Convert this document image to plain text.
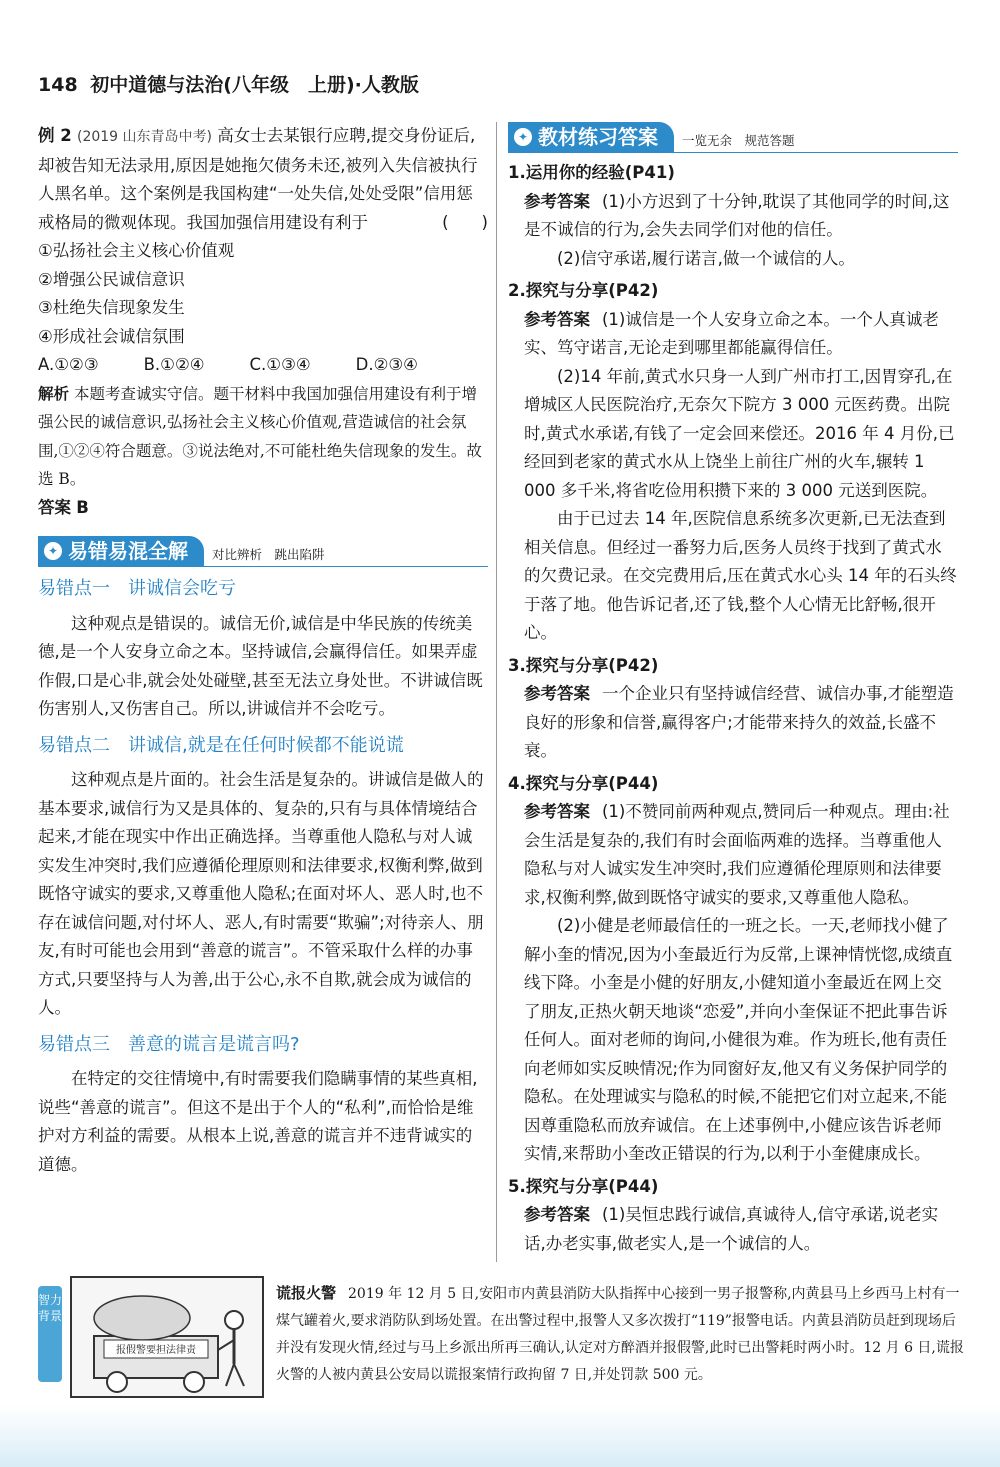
148 初中道德与法治(八年级　上册)·人教版

例 2 (2019 山东青岛中考) 高女士去某银行应聘,提交身份证后,却被告知无法录用,原因是她拖欠债务未还,被列入失信被执行人黑名单。这个案例是我国构建“一处失信,处处受限”信用惩戒格局的微观体现。我国加强信用建设有利于	(　　)

①弘扬社会主义核心价值观

②增强公民诚信意识

③杜绝失信现象发生

④形成社会诚信氛围

A.①②③	B.①②④	C.①③④	D.②③④

解析 本题考查诚实守信。题干材料中我国加强信用建设有利于增强公民的诚信意识,弘扬社会主义核心价值观,营造诚信的社会氛围,①②④符合题意。③说法绝对,不可能杜绝失信现象的发生。故选 B。

答案 B

✦ 易错易混全解	对比辨析　跳出陷阱

易错点一 讲诚信会吃亏

这种观点是错误的。诚信无价,诚信是中华民族的传统美德,是一个人安身立命之本。坚持诚信,会赢得信任。如果弄虚作假,口是心非,就会处处碰壁,甚至无法立身处世。不讲诚信既伤害别人,又伤害自己。所以,讲诚信并不会吃亏。

易错点二 讲诚信,就是在任何时候都不能说谎

这种观点是片面的。社会生活是复杂的。讲诚信是做人的基本要求,诚信行为又是具体的、复杂的,只有与具体情境结合起来,才能在现实中作出正确选择。当尊重他人隐私与对人诚实发生冲突时,我们应遵循伦理原则和法律要求,权衡利弊,做到既恪守诚实的要求,又尊重他人隐私;在面对坏人、恶人时,也不存在诚信问题,对付坏人、恶人,有时需要“欺骗”;对待亲人、朋友,有时可能也会用到“善意的谎言”。不管采取什么样的办事方式,只要坚持与人为善,出于公心,永不自欺,就会成为诚信的人。

易错点三 善意的谎言是谎言吗?

在特定的交往情境中,有时需要我们隐瞒事情的某些真相,说些“善意的谎言”。但这不是出于个人的“私利”,而恰恰是维护对方利益的需要。从根本上说,善意的谎言并不违背诚实的道德。

✦ 教材练习答案	一览无余　规范答题

1.运用你的经验(P41)

参考答案 (1)小方迟到了十分钟,耽误了其他同学的时间,这是不诚信的行为,会失去同学们对他的信任。

(2)信守承诺,履行诺言,做一个诚信的人。

2.探究与分享(P42)

参考答案 (1)诚信是一个人安身立命之本。一个人真诚老实、笃守诺言,无论走到哪里都能赢得信任。

(2)14 年前,黄式水只身一人到广州市打工,因胃穿孔,在增城区人民医院治疗,无奈欠下院方 3 000 元医药费。出院时,黄式水承诺,有钱了一定会回来偿还。2016 年 4 月份,已经回到老家的黄式水从上饶坐上前往广州的火车,辗转 1 000 多千米,将省吃俭用积攒下来的 3 000 元送到医院。

由于已过去 14 年,医院信息系统多次更新,已无法查到相关信息。但经过一番努力后,医务人员终于找到了黄式水的欠费记录。在交完费用后,压在黄式水心头 14 年的石头终于落了地。他告诉记者,还了钱,整个人心情无比舒畅,很开心。

3.探究与分享(P42)

参考答案 一个企业只有坚持诚信经营、诚信办事,才能塑造良好的形象和信誉,赢得客户;才能带来持久的效益,长盛不衰。

4.探究与分享(P44)

参考答案 (1)不赞同前两种观点,赞同后一种观点。理由:社会生活是复杂的,我们有时会面临两难的选择。当尊重他人隐私与对人诚实发生冲突时,我们应遵循伦理原则和法律要求,权衡利弊,做到既恪守诚实的要求,又尊重他人隐私。

(2)小健是老师最信任的一班之长。一天,老师找小健了解小奎的情况,因为小奎最近行为反常,上课神情恍惚,成绩直线下降。小奎是小健的好朋友,小健知道小奎最近在网上交了朋友,正热火朝天地谈“恋爱”,并向小奎保证不把此事告诉任何人。面对老师的询问,小健很为难。作为班长,他有责任向老师如实反映情况;作为同窗好友,他又有义务保护同学的隐私。在处理诚实与隐私的时候,不能把它们对立起来,不能因尊重隐私而放弃诚信。在上述事例中,小健应该告诉老师实情,来帮助小奎改正错误的行为,以利于小奎健康成长。

5.探究与分享(P44)

参考答案 (1)吴恒忠践行诚信,真诚待人,信守承诺,说老实话,办老实事,做老实人,是一个诚信的人。

智力背景
报假警要担法律责
谎报火警 2019 年 12 月 5 日,安阳市内黄县消防大队指挥中心接到一男子报警称,内黄县马上乡西马上村有一煤气罐着火,要求消防队到场处置。在出警过程中,报警人又多次拨打“119”报警电话。内黄县消防员赶到现场后并没有发现火情,经过与马上乡派出所再三确认,认定对方醉酒并报假警,此时已出警耗时两小时。12 月 6 日,谎报火警的人被内黄县公安局以谎报案情行政拘留 7 日,并处罚款 500 元。
